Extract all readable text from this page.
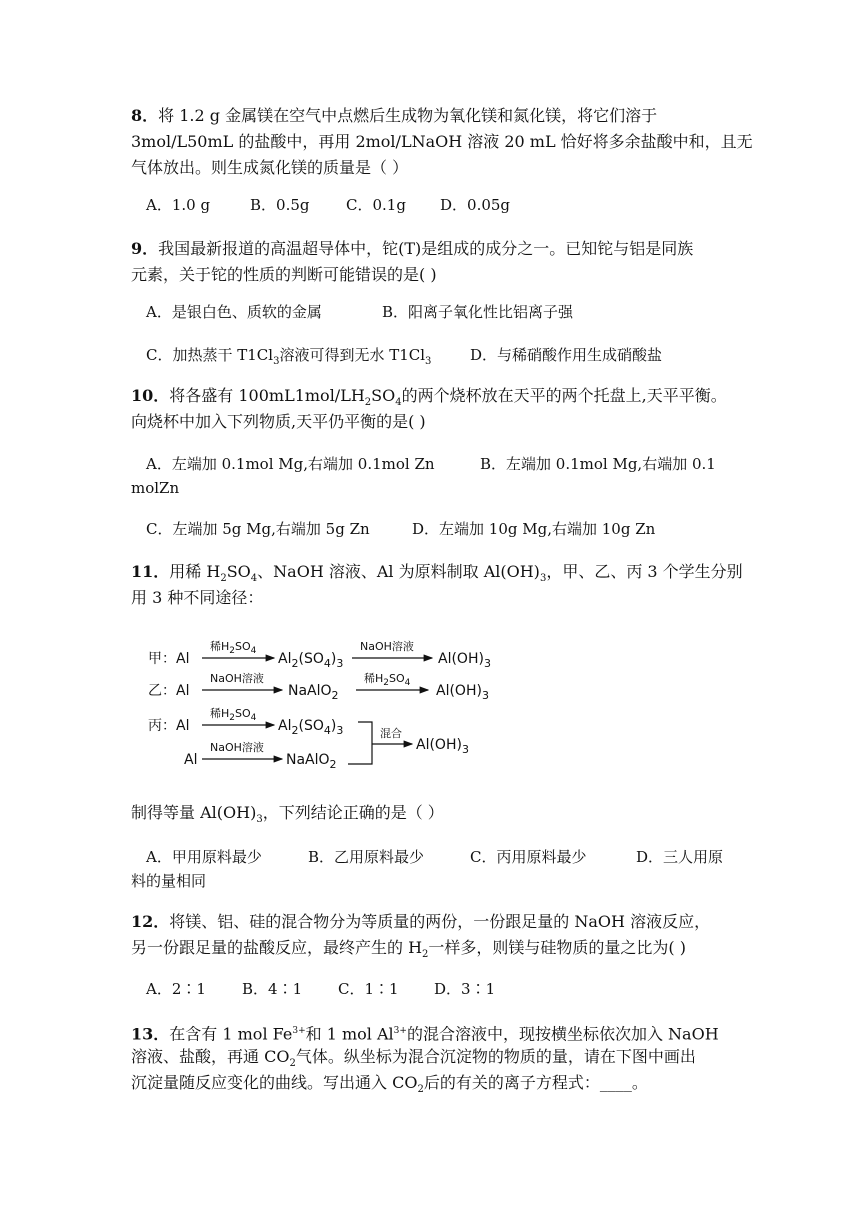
8．将 1.2 g 金属镁在空气中点燃后生成物为氧化镁和氮化镁，将它们溶于
3mol/L50mL 的盐酸中，再用 2mol/LNaOH 溶液 20 mL 恰好将多余盐酸中和，且无
气体放出。则生成氮化镁的质量是（ ）
A．1.0 g	B．0.5g C．0.1g D．0.05g
9．我国最新报道的高温超导体中，铊(T)是组成的成分之一。已知铊与铝是同族
元素，关于铊的性质的判断可能错误的是( )
A．是银白色、质软的金属	B．阳离子氧化性比铝离子强
C．加热蒸干 $T1Cl_3$溶液可得到无水 $T1Cl_3$	D．与稀硝酸作用生成硝酸盐
10．将各盛有 $100mL1mol/LH_2SO_4$的两个烧杯放在天平的两个托盘上,天平平衡。
向烧杯中加入下列物质,天平仍平衡的是( )
A．左端加 0.1mol Mg,右端加 0.1mol Zn	B．左端加 0.1mol Mg,右端加 0.1
molZn
C．左端加 5g Mg,右端加 5g Zn	D．左端加 10g Mg,右端加 10g Zn
11．用稀 $H_2SO_4$、NaOH 溶液、Al 为原料制取 $Al(OH)_3$，甲、乙、丙 3 个学生分别
用 3 种不同途径：
甲：Al
稀$H_2SO_4$ $Al_2(SO_4)_3$
NaOH溶液
$Al(OH)_3$
乙：Al
NaOH溶液
NaAlO$_2$
稀$H_2SO_4$ $Al(OH)_3$
丙：Al
稀$H_2SO_4$ $Al_2(SO_4)_3$
Al
NaOH溶液
NaAlO$_2$
混合
$Al(OH)_3$
制得等量 $Al(OH)_3$，下列结论正确的是（ ）
A．甲用原料最少	B．乙用原料最少	C．丙用原料最少	D．三人用原
料的量相同
12．将镁、铝、硅的混合物分为等质量的两份，一份跟足量的 NaOH 溶液反应，
另一份跟足量的盐酸反应，最终产生的 $H_2$一样多，则镁与硅物质的量之比为( )
A．2∶1 B．4∶1 C．1∶1 D．3∶1
13．在含有 1 mol $Fe^{3+}$和 1 mol $Al^{3+}$的混合溶液中，现按横坐标依次加入 NaOH
溶液、盐酸，再通 $CO_2$气体。纵坐标为混合沉淀物的物质的量，请在下图中画出
沉淀量随反应变化的曲线。写出通入 $CO_2$后的有关的离子方程式：____。
